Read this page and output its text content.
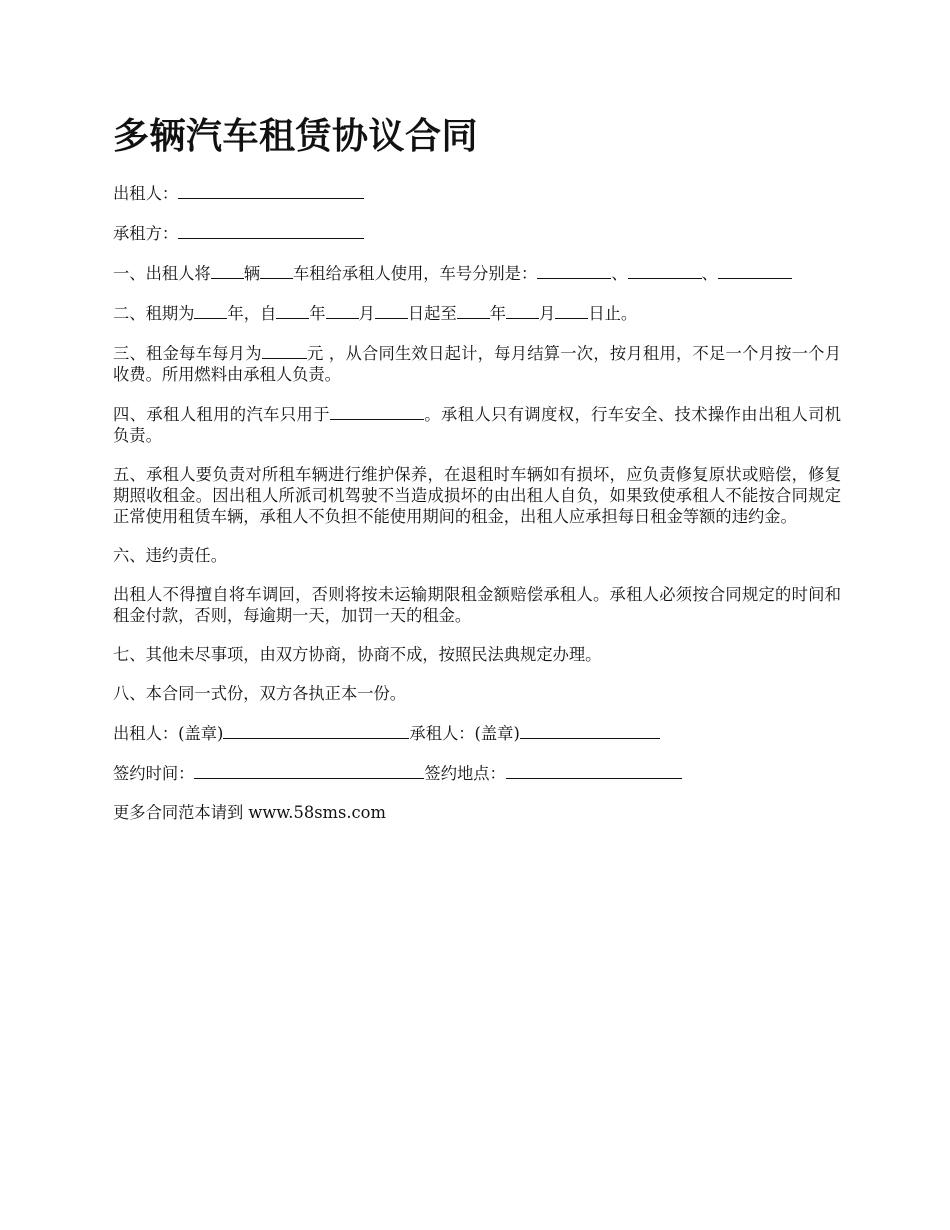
多辆汽车租赁协议合同

出租人：

承租方：

一、出租人将 辆 车租给承租人使用，车号分别是：	、	、

二、租期为 年，自 年 月 日起至 年 月 日止。

三、租金每车每月为	元 ，从合同生效日起计，每月结算一次，按月租用，不足一个月按一个月收费。所用燃料由承租人负责。

四、承租人租用的汽车只用于	。承租人只有调度权，行车安全、技术操作由出租人司机负责。

五、承租人要负责对所租车辆进行维护保养，在退租时车辆如有损坏，应负责修复原状或赔偿，修复期照收租金。因出租人所派司机驾驶不当造成损坏的由出租人自负，如果致使承租人不能按合同规定正常使用租赁车辆，承租人不负担不能使用期间的租金，出租人应承担每日租金等额的违约金。

六、违约责任。

出租人不得擅自将车调回，否则将按未运输期限租金额赔偿承租人。承租人必须按合同规定的时间和租金付款，否则，每逾期一天，加罚一天的租金。

七、其他未尽事项，由双方协商，协商不成，按照民法典规定办理。

八、本合同一式份，双方各执正本一份。

出租人：(盖章)	承租人：(盖章)

签约时间：	签约地点：

更多合同范本请到 www.58sms.com
